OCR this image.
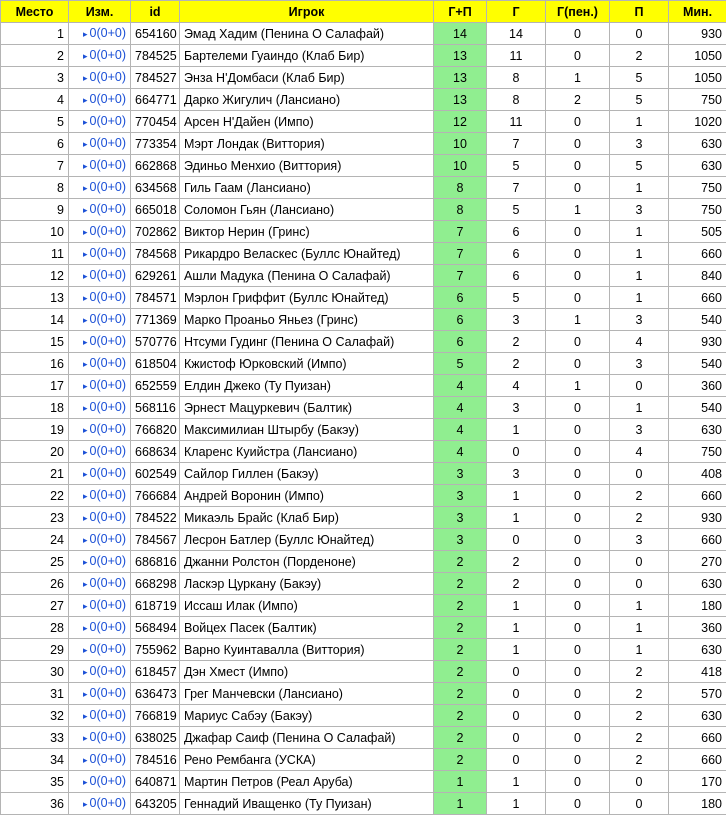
Место	Изм.	id	Игрок	Г+П	Г	Г(пен.)	П	Мин.
1	▸ 0(0+0)	654160	Эмад Хадим (Пенина О Салафай)	14	14	0	0	930
2	▸ 0(0+0)	784525	Бартелеми Гуаиндо (Клаб Бир)	13	11	0	2	1050
3	▸ 0(0+0)	784527	Энза Н'Домбаси (Клаб Бир)	13	8	1	5	1050
4	▸ 0(0+0)	664771	Дарко Жигулич (Лансиано)	13	8	2	5	750
5	▸ 0(0+0)	770454	Арсен Н'Дайен (Импо)	12	11	0	1	1020
6	▸ 0(0+0)	773354	Мэрт Лондак (Виттория)	10	7	0	3	630
7	▸ 0(0+0)	662868	Эдиньо Менхио (Виттория)	10	5	0	5	630
8	▸ 0(0+0)	634568	Гиль Гаам (Лансиано)	8	7	0	1	750
9	▸ 0(0+0)	665018	Соломон Гьян (Лансиано)	8	5	1	3	750
10	▸ 0(0+0)	702862	Виктор Нерин (Гринс)	7	6	0	1	505
11	▸ 0(0+0)	784568	Рикардро Веласкес (Буллс Юнайтед)	7	6	0	1	660
12	▸ 0(0+0)	629261	Ашли Мадука (Пенина О Салафай)	7	6	0	1	840
13	▸ 0(0+0)	784571	Мэрлон Гриффит (Буллс Юнайтед)	6	5	0	1	660
14	▸ 0(0+0)	771369	Марко Проаньо Яньез (Гринс)	6	3	1	3	540
15	▸ 0(0+0)	570776	Нтсуми Гудинг (Пенина О Салафай)	6	2	0	4	930
16	▸ 0(0+0)	618504	Кжистоф Юрковский (Импо)	5	2	0	3	540
17	▸ 0(0+0)	652559	Елдин Джеко (Ту Пуизан)	4	4	1	0	360
18	▸ 0(0+0)	568116	Эрнест Мацуркевич (Балтик)	4	3	0	1	540
19	▸ 0(0+0)	766820	Максимилиан Штырбу (Бакэу)	4	1	0	3	630
20	▸ 0(0+0)	668634	Кларенс Куийстра (Лансиано)	4	0	0	4	750
21	▸ 0(0+0)	602549	Сайлор Гиллен (Бакэу)	3	3	0	0	408
22	▸ 0(0+0)	766684	Андрей Воронин (Импо)	3	1	0	2	660
23	▸ 0(0+0)	784522	Микаэль Брайс (Клаб Бир)	3	1	0	2	930
24	▸ 0(0+0)	784567	Лесрон Батлер (Буллс Юнайтед)	3	0	0	3	660
25	▸ 0(0+0)	686816	Джанни Ролстон (Порденоне)	2	2	0	0	270
26	▸ 0(0+0)	668298	Ласкэр Цуркану (Бакэу)	2	2	0	0	630
27	▸ 0(0+0)	618719	Иссаш Илак (Импо)	2	1	0	1	180
28	▸ 0(0+0)	568494	Войцех Пасек (Балтик)	2	1	0	1	360
29	▸ 0(0+0)	755962	Варно Куинтавалла (Виттория)	2	1	0	1	630
30	▸ 0(0+0)	618457	Дэн Хмест (Импо)	2	0	0	2	418
31	▸ 0(0+0)	636473	Грег Манчевски (Лансиано)	2	0	0	2	570
32	▸ 0(0+0)	766819	Мариус Сабэу (Бакэу)	2	0	0	2	630
33	▸ 0(0+0)	638025	Джафар Саиф (Пенина О Салафай)	2	0	0	2	660
34	▸ 0(0+0)	784516	Рено Рембанга (УСКА)	2	0	0	2	660
35	▸ 0(0+0)	640871	Мартин Петров (Реал Аруба)	1	1	0	0	170
36	▸ 0(0+0)	643205	Геннадий Иващенко (Ту Пуизан)	1	1	0	0	180
